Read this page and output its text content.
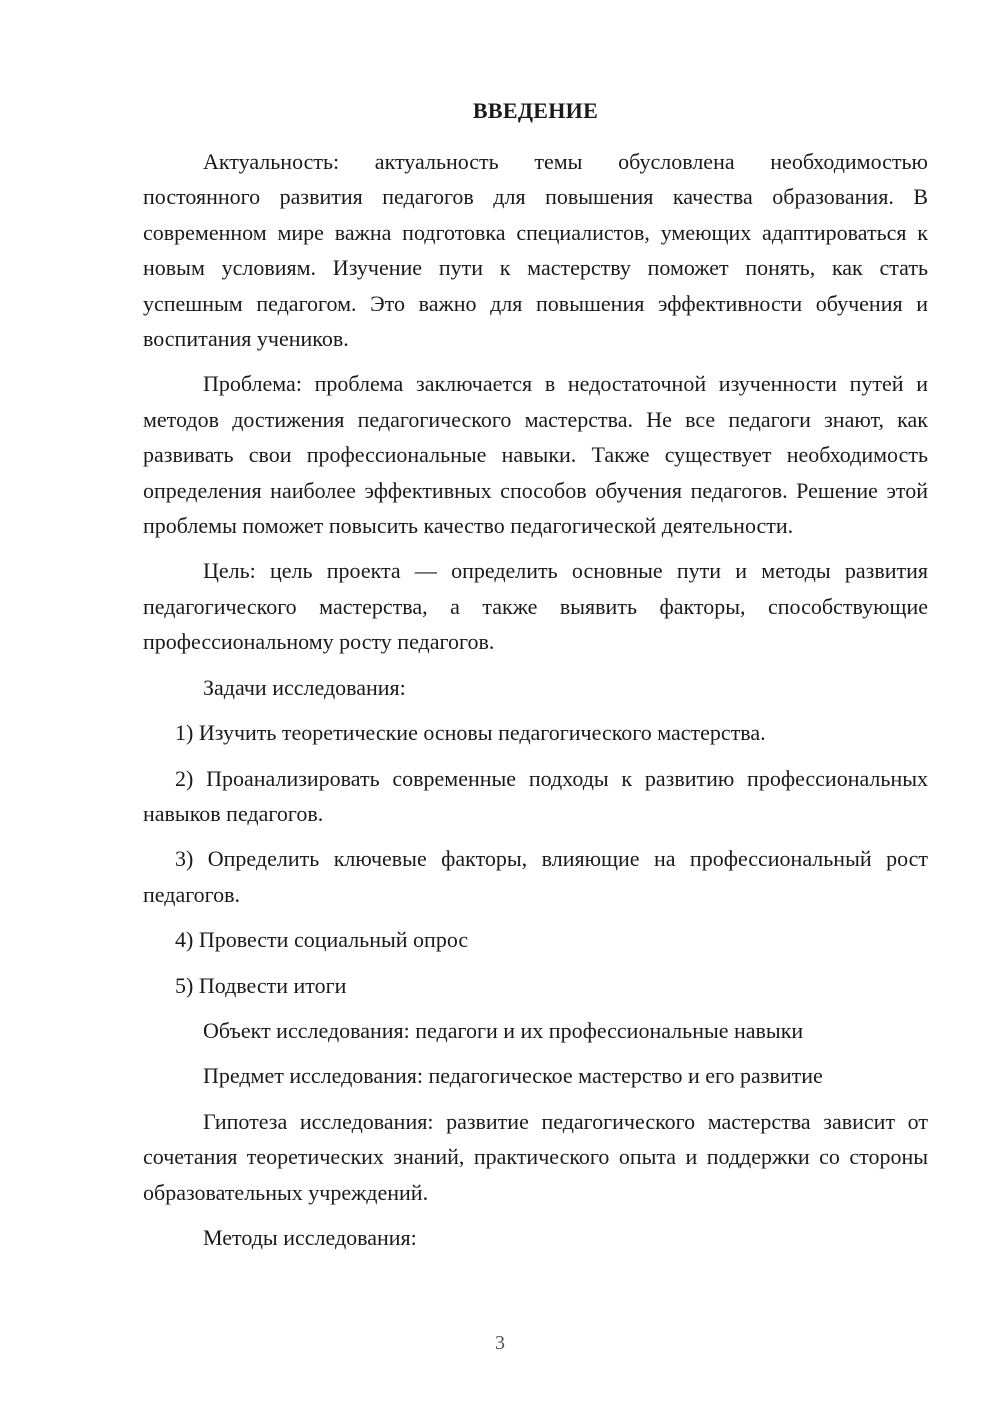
ВВЕДЕНИЕ

Актуальность: актуальность темы обусловлена необходимостью постоянного развития педагогов для повышения качества образования. В современном мире важна подготовка специалистов, умеющих адаптироваться к новым условиям. Изучение пути к мастерству поможет понять, как стать успешным педагогом. Это важно для повышения эффективности обучения и воспитания учеников.

Проблема: проблема заключается в недостаточной изученности путей и методов достижения педагогического мастерства. Не все педагоги знают, как развивать свои профессиональные навыки. Также существует необходимость определения наиболее эффективных способов обучения педагогов. Решение этой проблемы поможет повысить качество педагогической деятельности.

Цель: цель проекта — определить основные пути и методы развития педагогического мастерства, а также выявить факторы, способствующие профессиональному росту педагогов.

Задачи исследования:

1) Изучить теоретические основы педагогического мастерства.

2) Проанализировать современные подходы к развитию профессиональных навыков педагогов.

3) Определить ключевые факторы, влияющие на профессиональный рост педагогов.

4) Провести социальный опрос

5) Подвести итоги

Объект исследования: педагоги и их профессиональные навыки

Предмет исследования: педагогическое мастерство и его развитие

Гипотеза исследования: развитие педагогического мастерства зависит от сочетания теоретических знаний, практического опыта и поддержки со стороны образовательных учреждений.

Методы исследования:

3
